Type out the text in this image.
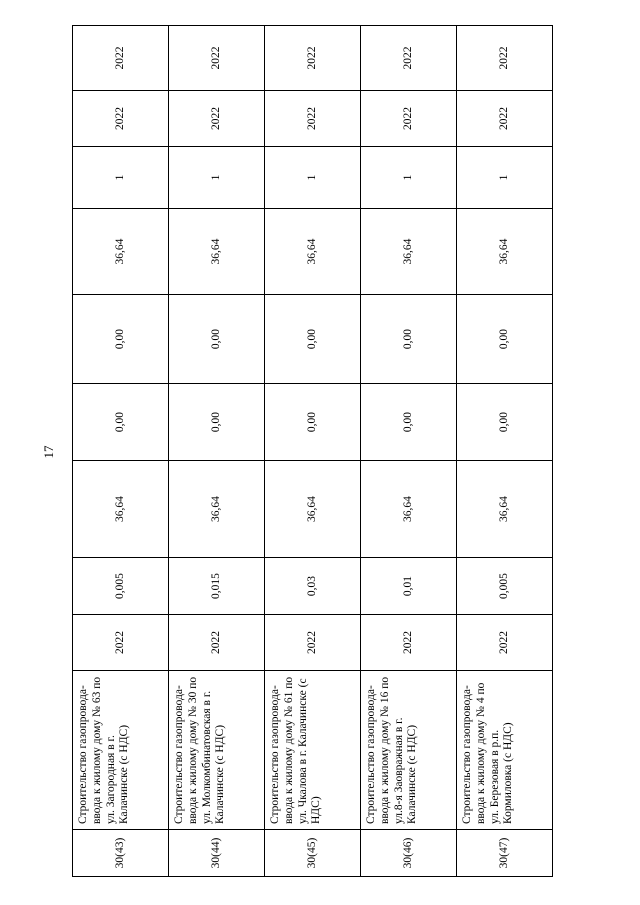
17
30(43)	Строительство газопровода-ввода к жилому дому № 63 по ул. Загородная в г. Калачинске (с НДС)	2022	0,005	36,64	0,00	0,00	36,64	1	2022	2022
30(44)	Строительство газопровода-ввода к жилому дому № 30 по ул. Молкомбинатовская в г. Калачинске (с НДС)	2022	0,015	36,64	0,00	0,00	36,64	1	2022	2022
30(45)	Строительство газопровода-ввода к жилому дому № 61 по ул. Чкалова в г. Калачинске (с НДС)	2022	0,03	36,64	0,00	0,00	36,64	1	2022	2022
30(46)	Строительство газопровода-ввода к жилому дому № 16 по ул.8-я Заовражная в г. Калачинске (с НДС)	2022	0,01	36,64	0,00	0,00	36,64	1	2022	2022
30(47)	Строительство газопровода-ввода к жилому дому № 4 по ул. Березовая в р.п. Кормиловка (с НДС)	2022	0,005	36,64	0,00	0,00	36,64	1	2022	2022
